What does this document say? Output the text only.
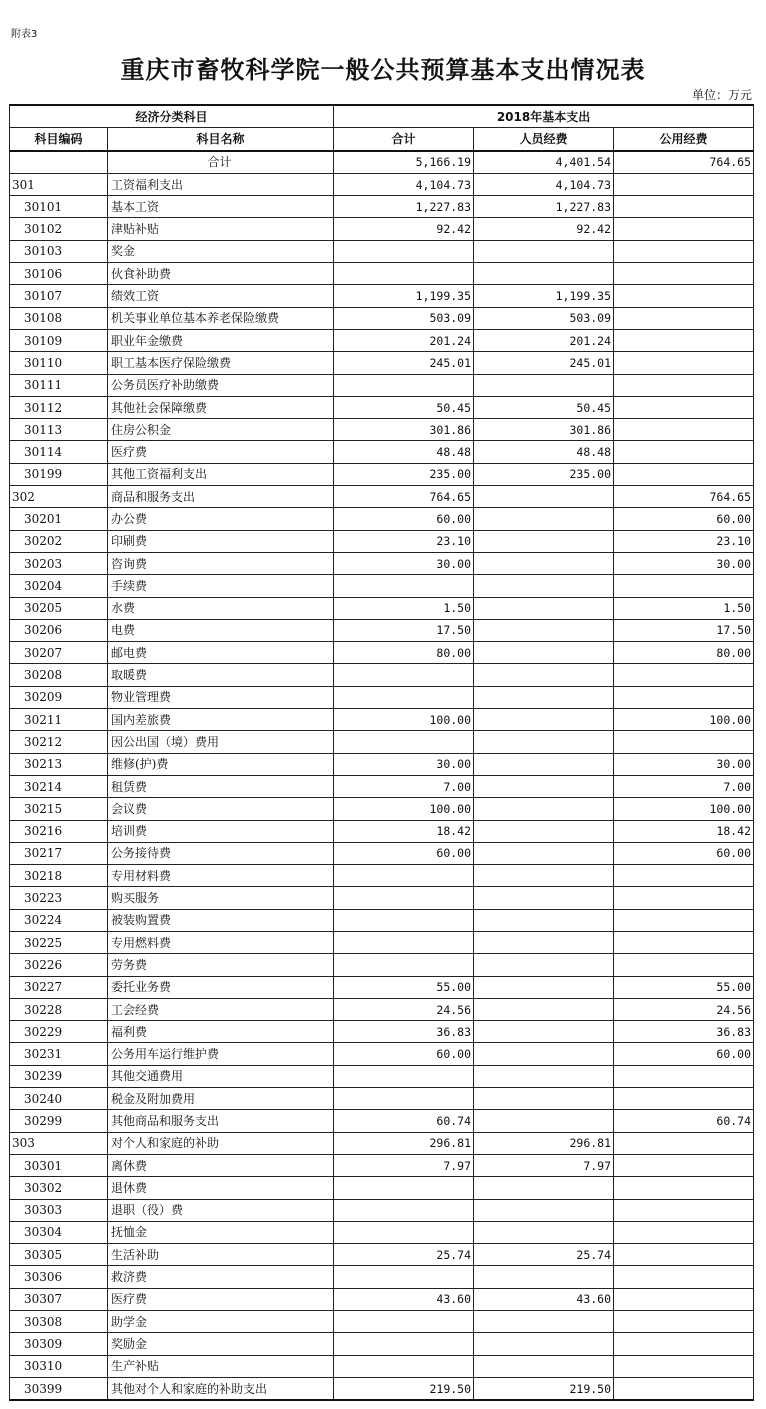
附表3
重庆市畜牧科学院一般公共预算基本支出情况表
单位：万元
经济分类科目		2018年基本支出		
科目编码	科目名称	合计	人员经费	公用经费
	合计	5,166.19	4,401.54	764.65
301	工资福利支出	4,104.73	4,104.73	
30101	基本工资	1,227.83	1,227.83	
30102	津贴补贴	92.42	92.42	
30103	奖金			
30106	伙食补助费			
30107	绩效工资	1,199.35	1,199.35	
30108	机关事业单位基本养老保险缴费	503.09	503.09	
30109	职业年金缴费	201.24	201.24	
30110	职工基本医疗保险缴费	245.01	245.01	
30111	公务员医疗补助缴费			
30112	其他社会保障缴费	50.45	50.45	
30113	住房公积金	301.86	301.86	
30114	医疗费	48.48	48.48	
30199	其他工资福利支出	235.00	235.00	
302	商品和服务支出	764.65		764.65
30201	办公费	60.00		60.00
30202	印刷费	23.10		23.10
30203	咨询费	30.00		30.00
30204	手续费			
30205	水费	1.50		1.50
30206	电费	17.50		17.50
30207	邮电费	80.00		80.00
30208	取暖费			
30209	物业管理费			
30211	国内差旅费	100.00		100.00
30212	因公出国（境）费用			
30213	维修(护)费	30.00		30.00
30214	租赁费	7.00		7.00
30215	会议费	100.00		100.00
30216	培训费	18.42		18.42
30217	公务接待费	60.00		60.00
30218	专用材料费			
30223	购买服务			
30224	被装购置费			
30225	专用燃料费			
30226	劳务费			
30227	委托业务费	55.00		55.00
30228	工会经费	24.56		24.56
30229	福利费	36.83		36.83
30231	公务用车运行维护费	60.00		60.00
30239	其他交通费用			
30240	税金及附加费用			
30299	其他商品和服务支出	60.74		60.74
303	对个人和家庭的补助	296.81	296.81	
30301	离休费	7.97	7.97	
30302	退休费			
30303	退职（役）费			
30304	抚恤金			
30305	生活补助	25.74	25.74	
30306	救济费			
30307	医疗费	43.60	43.60	
30308	助学金			
30309	奖励金			
30310	生产补贴			
30399	其他对个人和家庭的补助支出	219.50	219.50	
